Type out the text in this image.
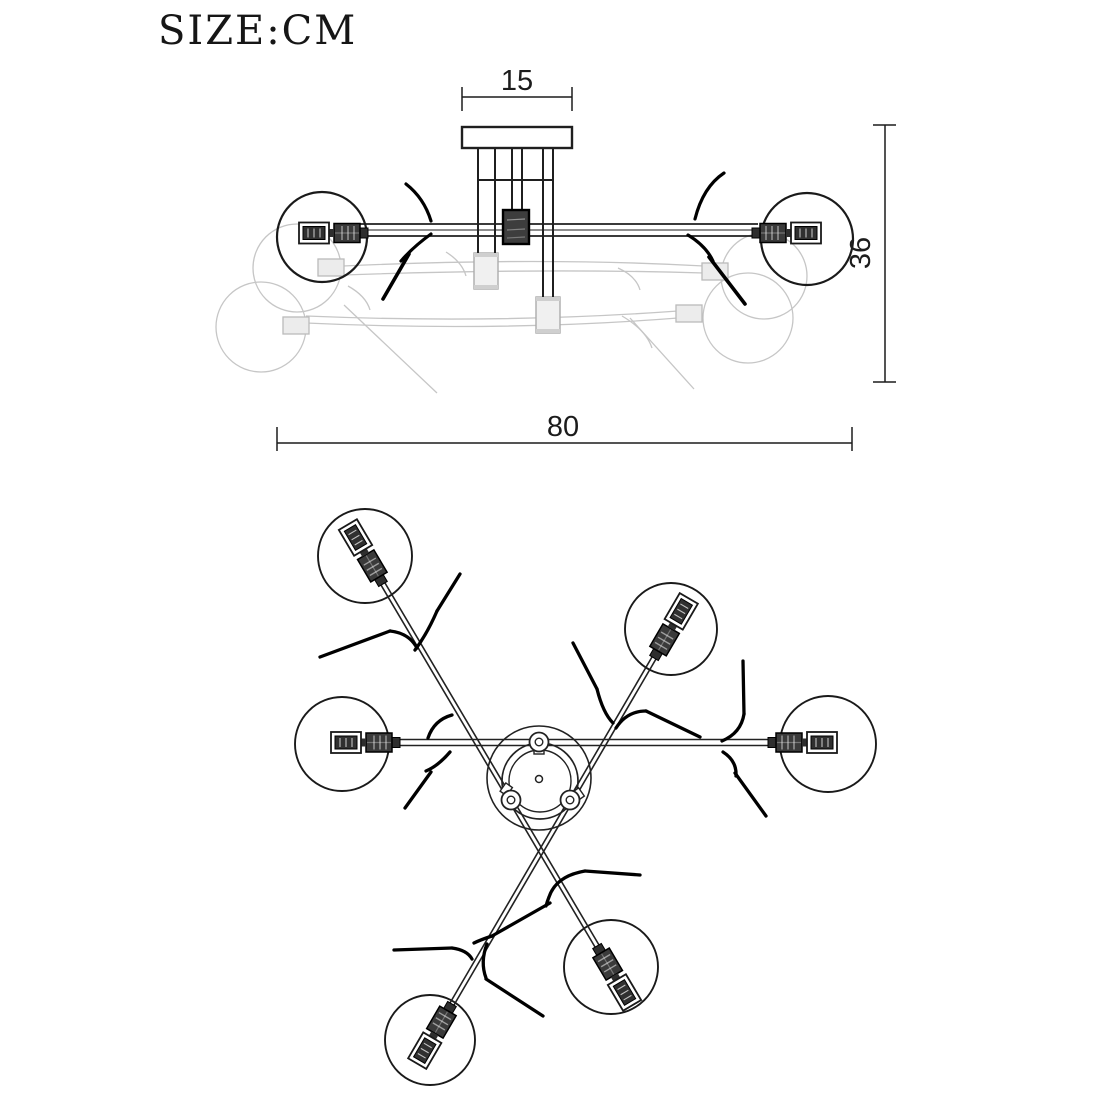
SIZE:CM
15
36
80
